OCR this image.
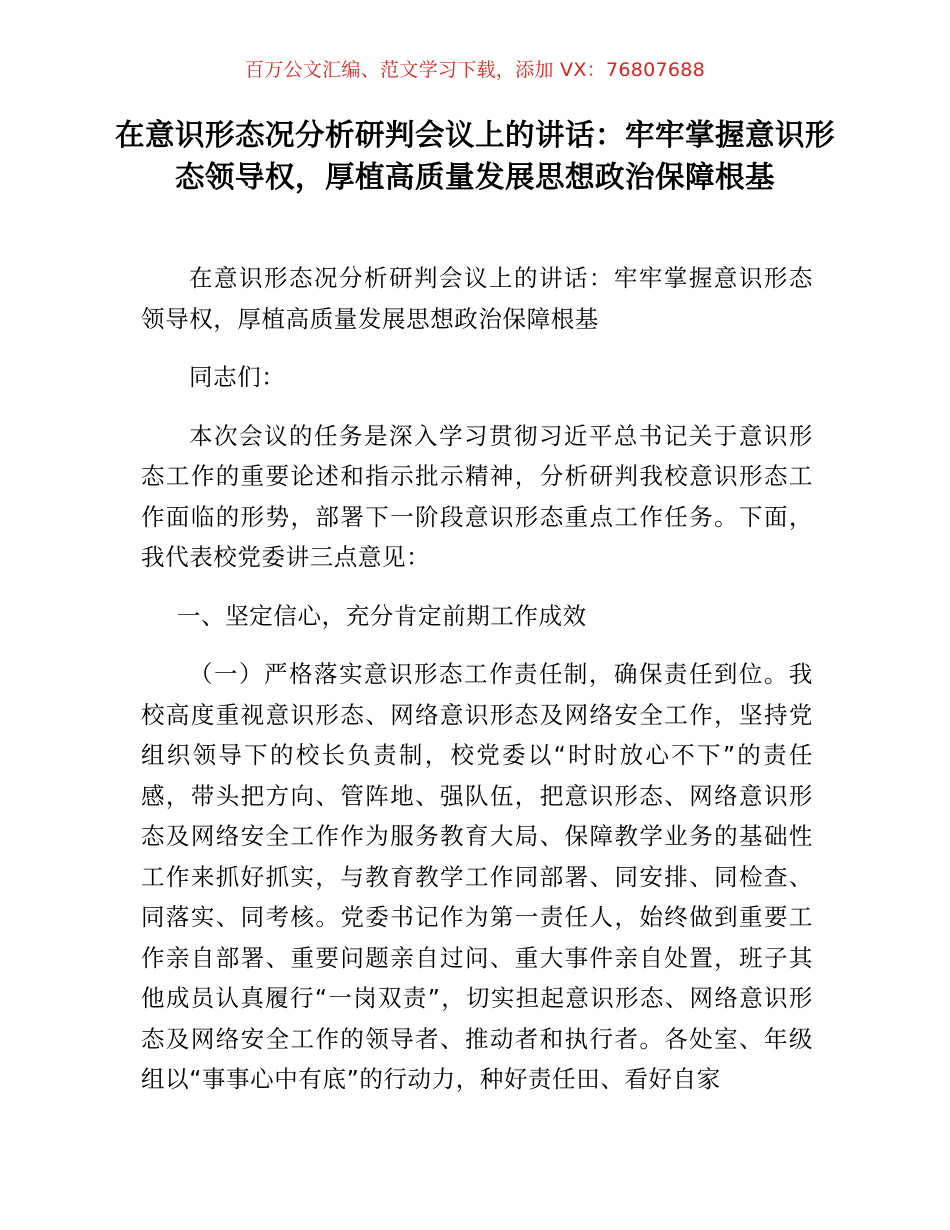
百万公文汇编、范文学习下载，添加 VX：76807688
在意识形态况分析研判会议上的讲话：牢牢掌握意识形态领导权，厚植高质量发展思想政治保障根基

在意识形态况分析研判会议上的讲话：牢牢掌握意识形态领导权，厚植高质量发展思想政治保障根基

同志们：

本次会议的任务是深入学习贯彻习近平总书记关于意识形态工作的重要论述和指示批示精神，分析研判我校意识形态工作面临的形势，部署下一阶段意识形态重点工作任务。下面，我代表校党委讲三点意见：

一、坚定信心，充分肯定前期工作成效

（一）严格落实意识形态工作责任制，确保责任到位。我校高度重视意识形态、网络意识形态及网络安全工作，坚持党组织领导下的校长负责制，校党委以“时时放心不下”的责任感，带头把方向、管阵地、强队伍，把意识形态、网络意识形态及网络安全工作作为服务教育大局、保障教学业务的基础性工作来抓好抓实，与教育教学工作同部署、同安排、同检查、同落实、同考核。党委书记作为第一责任人，始终做到重要工作亲自部署、重要问题亲自过问、重大事件亲自处置，班子其他成员认真履行“一岗双责”，切实担起意识形态、网络意识形态及网络安全工作的领导者、推动者和执行者。各处室、年级组以“事事心中有底”的行动力，种好责任田、看好自家
